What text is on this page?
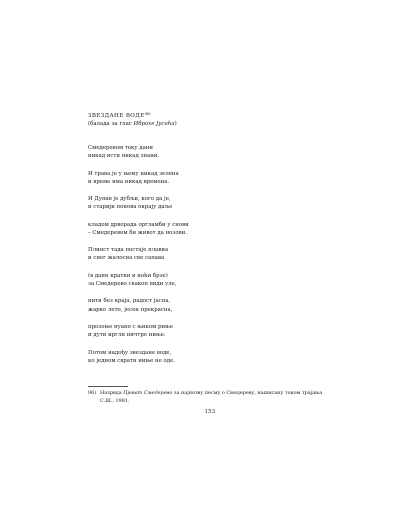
ЗВЕЗДАНЕ ВОДЕ$^{96)}$
(балада за глас Ибрахе Јусића)
Смедеревом теку дани
никад исти никад знани.
И трава је у њему никад зелена
и време има никад времена.
И Дунав је дубљи, кого да је,
и старији понова окрају даље
кладом дрворада оргламби у снови
– Смедеревом би живот да нозови.
Плинст тада постаје плавиа
и снег жалосна све сапава
(в данн кратки и ноћи брзе)
за Смедерево свакоп види уле,
нити без краја, радост јасна,
жарко лето, јесен прекрасна,
прозоње нуано с њиком риње
и дути ирглн ничтре ниње.
Потом надођу звездане воде,
ко једном сврати ниње не оде.
96) Назрвда Пјеват Смедерево за најнозву песму о Смедереву, нашисану током трајања
С.Ш., 1981.
153
